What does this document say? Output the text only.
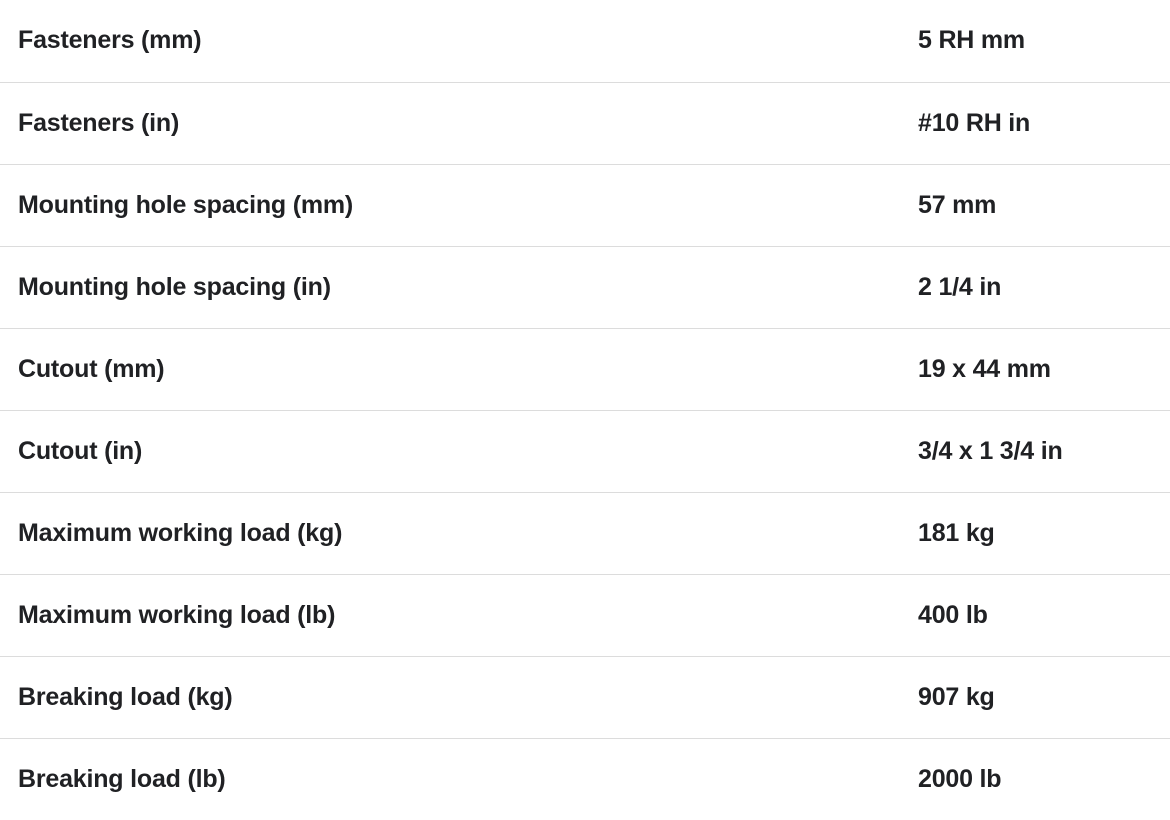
Fasteners (mm)	5 RH mm
Fasteners (in)	#10 RH in
Mounting hole spacing (mm)	57 mm
Mounting hole spacing (in)	2 1/4 in
Cutout (mm)	19 x 44 mm
Cutout (in)	3/4 x 1 3/4 in
Maximum working load (kg)	181 kg
Maximum working load (lb)	400 lb
Breaking load (kg)	907 kg
Breaking load (lb)	2000 lb
